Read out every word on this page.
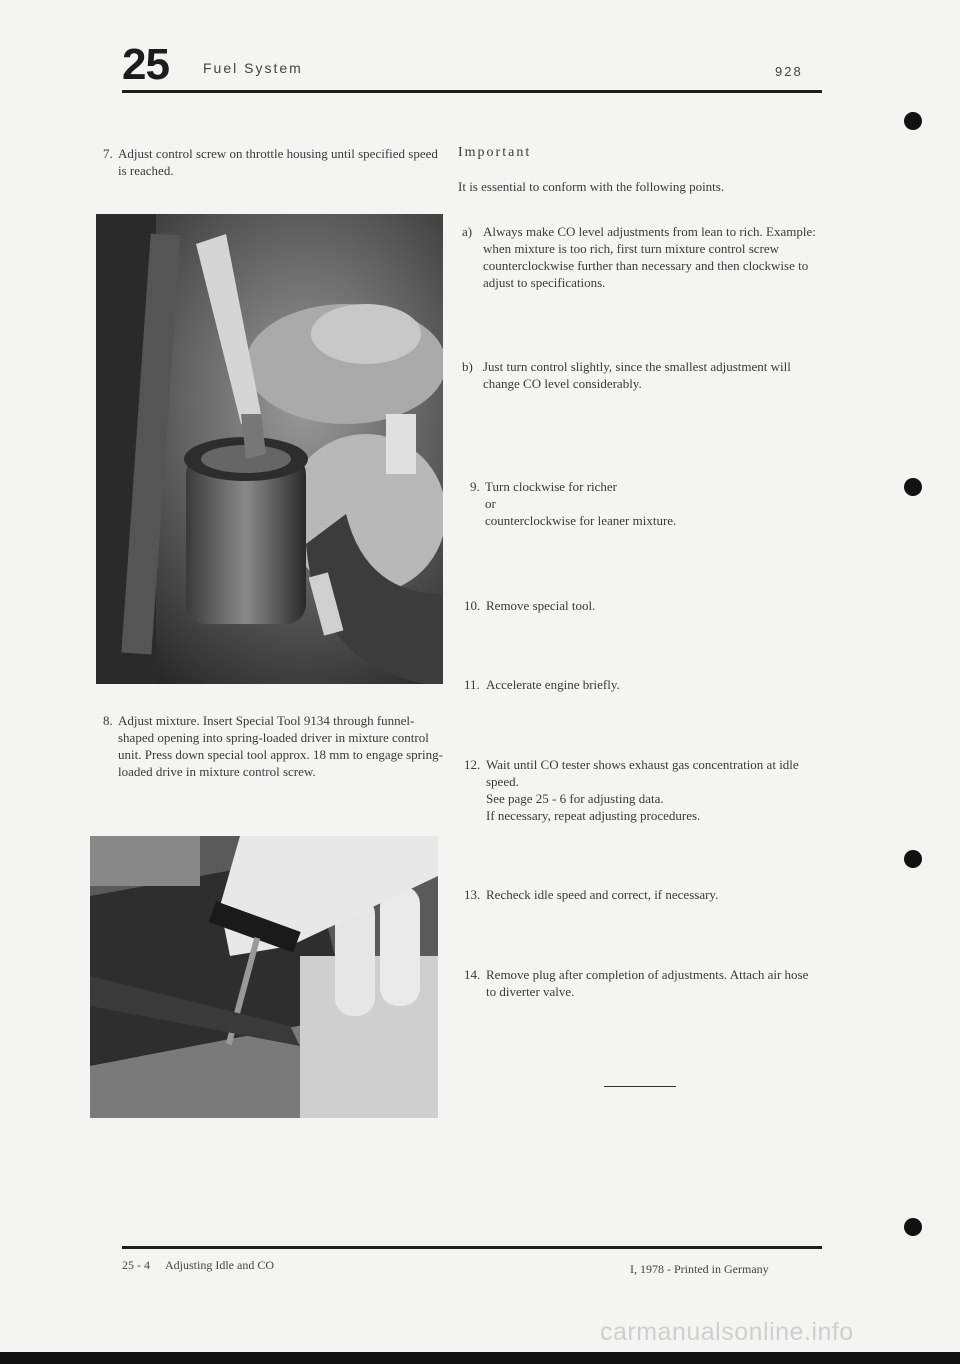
25 Fuel System	928
7. Adjust control screw on throttle housing until specified speed is reached.
8. Adjust mixture. Insert Special Tool 9134 through funnel-shaped opening into spring-loaded driver in mixture control unit. Press down special tool approx. 18 mm to engage spring-loaded drive in mixture control screw.
Important
It is essential to conform with the following points.
a) Always make CO level adjustments from lean to rich. Example: when mixture is too rich, first turn mixture control screw counterclockwise further than necessary and then clockwise to adjust to specifications.
b) Just turn control slightly, since the smallest adjustment will change CO level considerably.
9. Turn clockwise for richer
or
counterclockwise for leaner mixture.
10. Remove special tool.
11. Accelerate engine briefly.
12. Wait until CO tester shows exhaust gas concentration at idle speed.
See page 25 - 6 for adjusting data.
If necessary, repeat adjusting procedures.
13. Recheck idle speed and correct, if necessary.
14. Remove plug after completion of adjustments. Attach air hose to diverter valve.
25 - 4 Adjusting Idle and CO	I, 1978 - Printed in Germany
carmanualsonline.info
